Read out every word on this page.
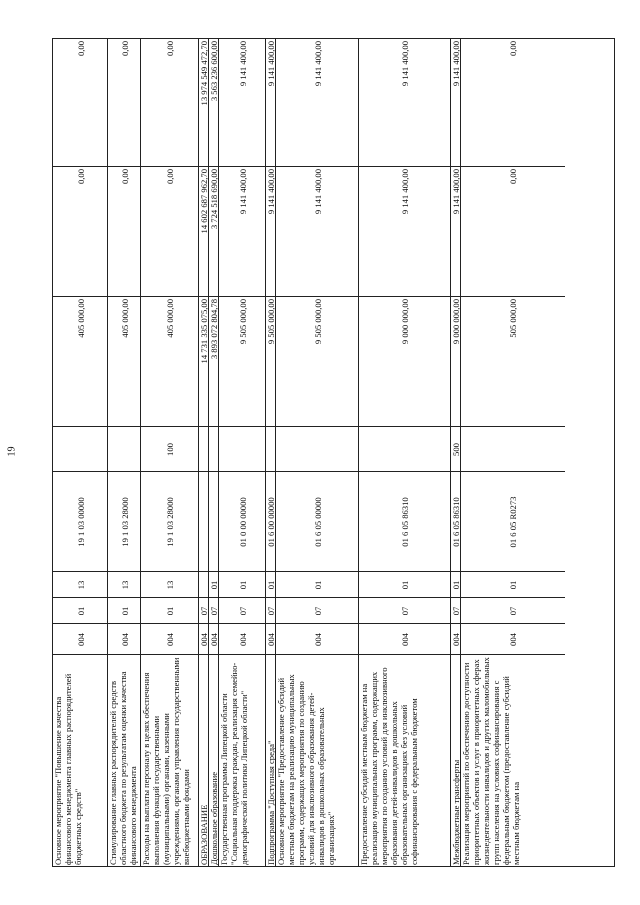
19
Основное мероприятие "Повышение качества финансового менеджмента главных распорядителей бюджетных средств"
004
01
13
19 1 03 00000
405 000,00
0,00
0,00
Стимулирование главных распорядителей средств областного бюджета по результатам оценки качества финансового менеджмента
004
01
13
19 1 03 28000
405 000,00
0,00
0,00
Расходы на выплаты персоналу в целях обеспечения выполнения функций государственными (муниципальными) органами, казенными учреждениями, органами управления государственными внебюджетными фондами
004
01
13
19 1 03 28000
100
405 000,00
0,00
0,00
ОБРАЗОВАНИЕ
004
07
14 731 335 075,00
14 602 687 962,70
13 974 549 472,70
Дошкольное образование
004
07
01
3 893 072 804,78
3 724 518 690,00
3 563 236 600,00
Государственная программа Липецкой области "Социальная поддержка граждан, реализация семейно-демографической политики Липецкой области"
004
07
01
01 0 00 00000
9 505 000,00
9 141 400,00
9 141 400,00
Подпрограмма "Доступная среда"
004
07
01
01 6 00 00000
9 505 000,00
9 141 400,00
9 141 400,00
Основное мероприятие "Предоставление субсидий местным бюджетам на реализацию муниципальных программ, содержащих мероприятия по созданию условий для инклюзивного образования детей-инвалидов в дошкольных образовательных организациях"
004
07
01
01 6 05 00000
9 505 000,00
9 141 400,00
9 141 400,00
Предоставление субсидий местным бюджетам на реализацию муниципальных программ, содержащих мероприятия по созданию условий для инклюзивного образования детей-инвалидов в дошкольных образовательных организациях без условий софинансирования с федеральным бюджетом
004
07
01
01 6 05 86310
9 000 000,00
9 141 400,00
9 141 400,00
Межбюджетные трансферты
004
07
01
01 6 05 86310
500
9 000 000,00
9 141 400,00
9 141 400,00
Реализация мероприятий по обеспечению доступности приоритетных объектов и услуг в приоритетных сферах жизнедеятельности инвалидов и других маломобильных групп населения на условиях софинансирования с федеральным бюджетом (предоставление субсидий местным бюджетам на
004
07
01
01 6 05 R0273
505 000,00
0,00
0,00
